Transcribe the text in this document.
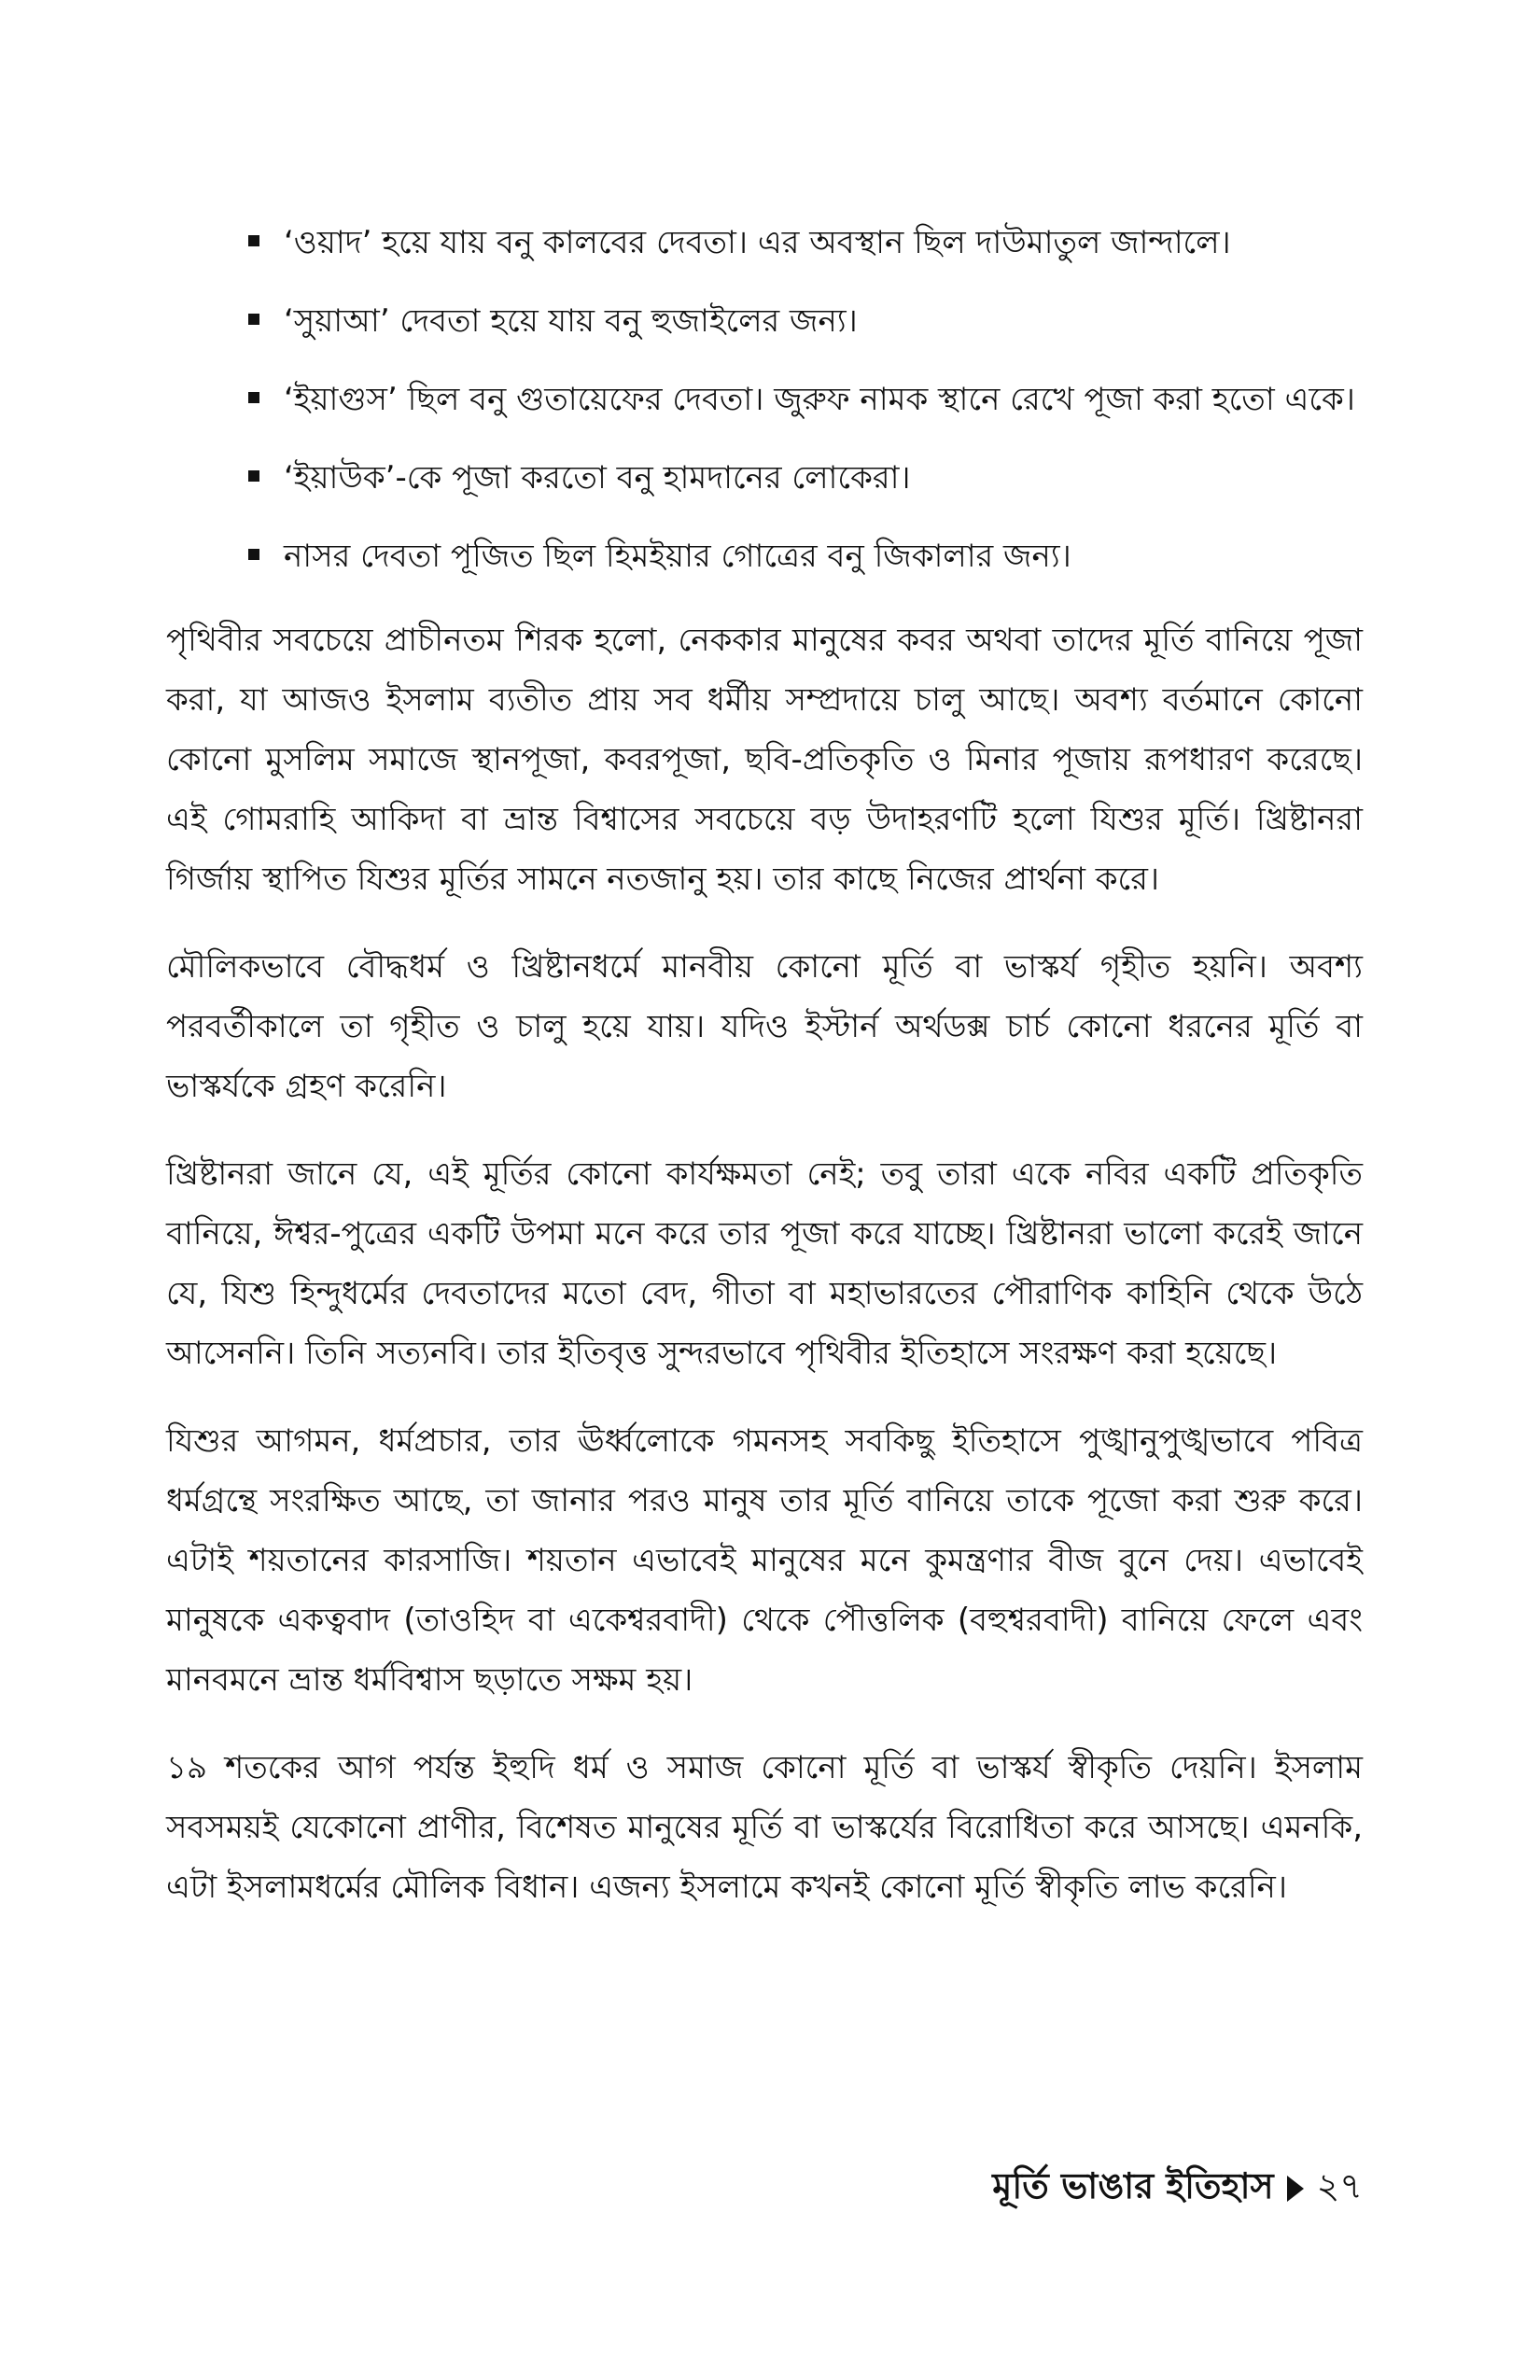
‘ওয়াদ’ হয়ে যায় বনু কালবের দেবতা। এর অবস্থান ছিল দাউমাতুল জান্দালে।
‘সুয়াআ’ দেবতা হয়ে যায় বনু হুজাইলের জন্য।
‘ইয়াগুস’ ছিল বনু গুতায়েফের দেবতা। জুরুফ নামক স্থানে রেখে পূজা করা হতো একে।
‘ইয়াউক’-কে পূজা করতো বনু হামদানের লোকেরা।
নাসর দেবতা পূজিত ছিল হিমইয়ার গোত্রের বনু জিকালার জন্য।

পৃথিবীর সবচেয়ে প্রাচীনতম শিরক হলো, নেককার মানুষের কবর অথবা তাদের মূর্তি বানিয়ে পূজা করা, যা আজও ইসলাম ব্যতীত প্রায় সব ধর্মীয় সম্প্রদায়ে চালু আছে। অবশ্য বর্তমানে কোনো কোনো মুসলিম সমাজে স্থানপূজা, কবরপূজা, ছবি-প্রতিকৃতি ও মিনার পূজায় রূপধারণ করেছে। এই গোমরাহি আকিদা বা ভ্রান্ত বিশ্বাসের সবচেয়ে বড় উদাহরণটি হলো যিশুর মূর্তি। খ্রিষ্টানরা গির্জায় স্থাপিত যিশুর মূর্তির সামনে নতজানু হয়। তার কাছে নিজের প্রার্থনা করে।

মৌলিকভাবে বৌদ্ধধর্ম ও খ্রিষ্টানধর্মে মানবীয় কোনো মূর্তি বা ভাস্কর্য গৃহীত হয়নি। অবশ্য পরবর্তীকালে তা গৃহীত ও চালু হয়ে যায়। যদিও ইস্টার্ন অর্থডক্স চার্চ কোনো ধরনের মূর্তি বা ভাস্কর্যকে গ্রহণ করেনি।

খ্রিষ্টানরা জানে যে, এই মূর্তির কোনো কার্যক্ষমতা নেই; তবু তারা একে নবির একটি প্রতিকৃতি বানিয়ে, ঈশ্বর-পুত্রের একটি উপমা মনে করে তার পূজা করে যাচ্ছে। খ্রিষ্টানরা ভালো করেই জানে যে, যিশু হিন্দুধর্মের দেবতাদের মতো বেদ, গীতা বা মহাভারতের পৌরাণিক কাহিনি থেকে উঠে আসেননি। তিনি সত্যনবি। তার ইতিবৃত্ত সুন্দরভাবে পৃথিবীর ইতিহাসে সংরক্ষণ করা হয়েছে।

যিশুর আগমন, ধর্মপ্রচার, তার ঊর্ধ্বলোকে গমনসহ সবকিছু ইতিহাসে পুঙ্খানুপুঙ্খভাবে পবিত্র ধর্মগ্রন্থে সংরক্ষিত আছে, তা জানার পরও মানুষ তার মূর্তি বানিয়ে তাকে পূজো করা শুরু করে। এটাই শয়তানের কারসাজি। শয়তান এভাবেই মানুষের মনে কুমন্ত্রণার বীজ বুনে দেয়। এভাবেই মানুষকে একত্ববাদ (তাওহিদ বা একেশ্বরবাদী) থেকে পৌত্তলিক (বহুশ্বরবাদী) বানিয়ে ফেলে এবং মানবমনে ভ্রান্ত ধর্মবিশ্বাস ছড়াতে সক্ষম হয়।

১৯ শতকের আগ পর্যন্ত ইহুদি ধর্ম ও সমাজ কোনো মূর্তি বা ভাস্কর্য স্বীকৃতি দেয়নি। ইসলাম সবসময়ই যেকোনো প্রাণীর, বিশেষত মানুষের মূর্তি বা ভাস্কর্যের বিরোধিতা করে আসছে। এমনকি, এটা ইসলামধর্মের মৌলিক বিধান। এজন্য ইসলামে কখনই কোনো মূর্তি স্বীকৃতি লাভ করেনি।

মূর্তি ভাঙার ইতিহাস ২৭
